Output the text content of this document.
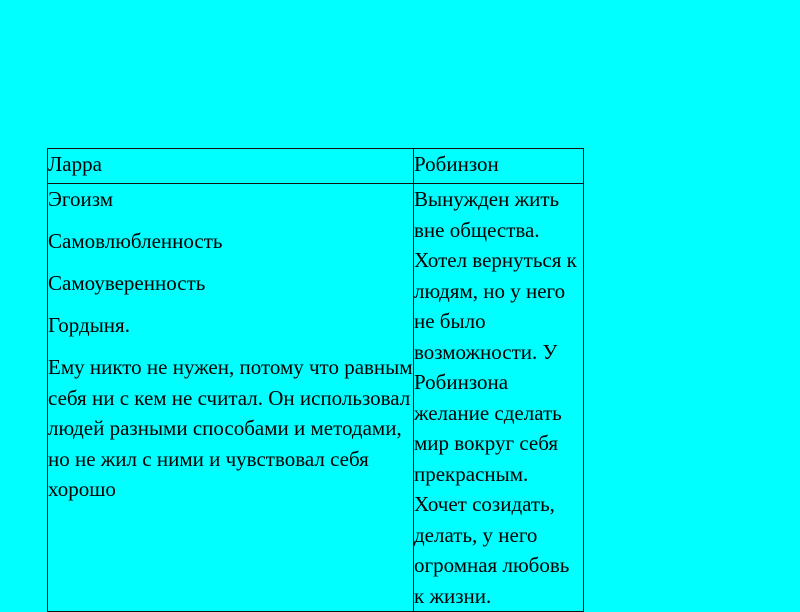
Ларра	Робинзон

Эгоизм

Самовлюбленность

Самоуверенность

Гордыня.

Ему никто не нужен, потому что равным себя ни с кем не считал. Он использовал людей разными способами и методами, но не жил с ними и чувствовал себя хорошо	Вынужден жить вне общества. Хотел вернуться к людям, но у него не было возможности. У Робинзона желание сделать мир вокруг себя прекрасным. Хочет созидать, делать, у него огромная любовь к жизни.
